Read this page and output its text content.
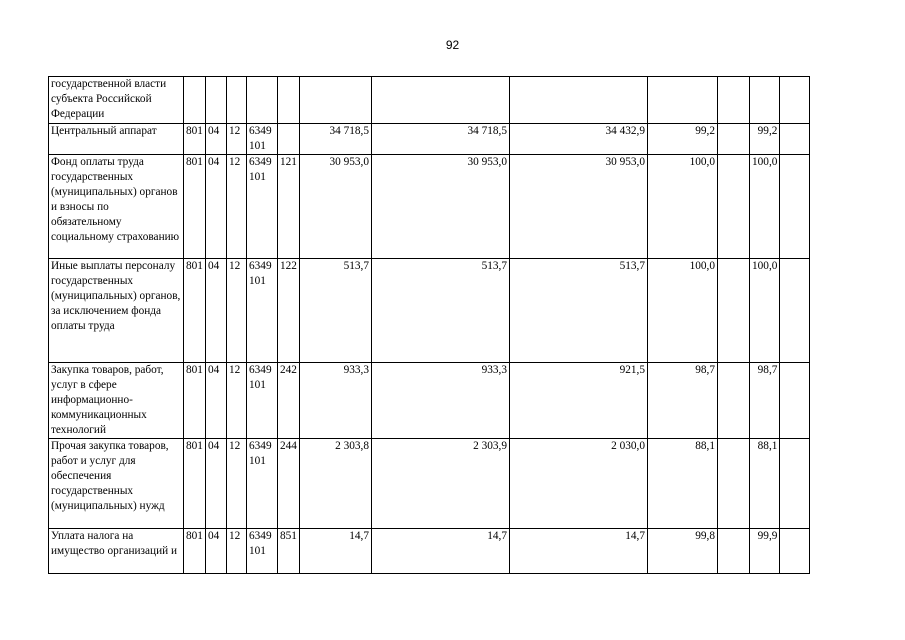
92
государственной власти субъекта Российской Федерации												
Центральный аппарат	801	04	12	6349 101		34 718,5	34 718,5	34 432,9	99,2		99,2	
Фонд оплаты труда государственных (муниципальных) органов и взносы по обязательному социальному страхованию	801	04	12	6349 101	121	30 953,0	30 953,0	30 953,0	100,0		100,0	
Иные выплаты персоналу государственных (муниципальных) органов, за исключением фонда оплаты труда	801	04	12	6349 101	122	513,7	513,7	513,7	100,0		100,0	
Закупка товаров, работ, услуг в сфере информационно-коммуникационных технологий	801	04	12	6349 101	242	933,3	933,3	921,5	98,7		98,7	
Прочая закупка товаров, работ и услуг для обеспечения государственных (муниципальных) нужд	801	04	12	6349 101	244	2 303,8	2 303,9	2 030,0	88,1		88,1	
Уплата налога на имущество организаций и	801	04	12	6349 101	851	14,7	14,7	14,7	99,8		99,9	
